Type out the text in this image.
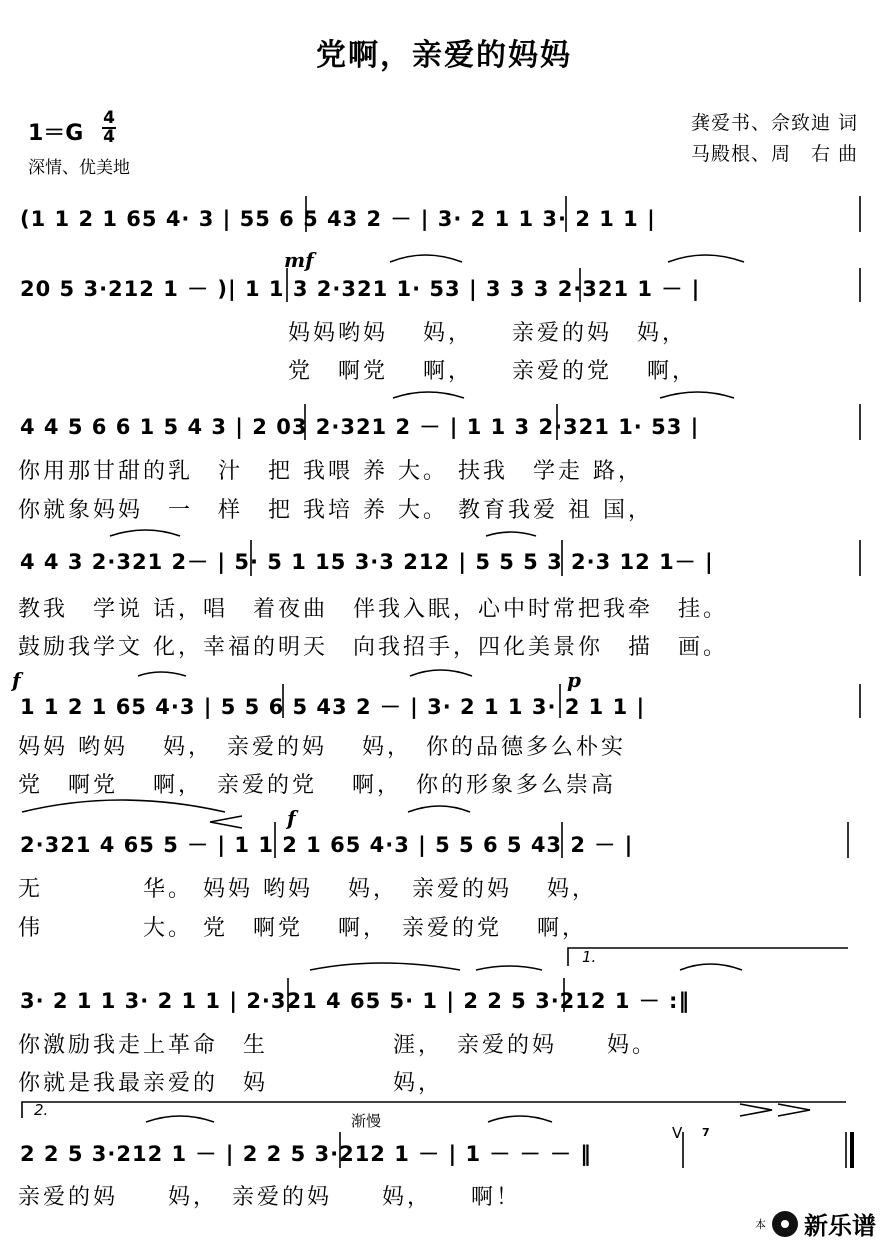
党啊，亲爱的妈妈
1＝G
4
4
深情、优美地
龚爱书、佘致迪 词
马殿根、周　右 曲
(1 1 2 1 65 4· 3 | 55 6 5 43 2 － | 3· 2 1 1 3· 2 1 1 |
20 5 3·212 1 － )| 1 1 3 2·321 1· 53 | 3 3 3 2·321 1 － |
4 4 5 6 6 1 5 4 3 | 2 03 2·321 2 － | 1 1 3 2·321 1· 53 |
4 4 3 2·321 2－ | 5· 5 1 15 3·3 212 | 5 5 5 3 2·3 12 1－ |
1 1 2 1 65 4·3 | 5 5 6 5 43 2 － | 3· 2 1 1 3· 2 1 1 |
2·321 4 65 5 － | 1 1 2 1 65 4·3 | 5 5 6 5 43 2 － |
3· 2 1 1 3· 2 1 1 | 2·321 4 65 5· 1 | 2 2 5 3·212 1 － :‖
2 2 5 3·212 1 － | 2 2 5 3·212 1 － | 1 － － － ‖
妈妈哟妈　 妈，　　亲爱的妈　妈，
党　啊党　 啊，　　亲爱的党　 啊，
你用那甘甜的乳　汁　把 我喂 养 大。 扶我　学走 路，
你就象妈妈　一　样　把 我培 养 大。 教育我爱 祖 国，
教我　学说 话，唱　着夜曲　伴我入眠，心中时常把我牵　挂。
鼓励我学文 化，幸福的明天　向我招手，四化美景你　描　画。
妈妈 哟妈　 妈，　亲爱的妈　 妈，　你的品德多么朴实
党　啊党　 啊，　亲爱的党　 啊，　你的形象多么崇高
无　　　　华。 妈妈 哟妈　 妈，　亲爱的妈　 妈，
伟　　　　大。 党　啊党　 啊，　亲爱的党　 啊，
你激励我走上革命　生　　　　　涯，　亲爱的妈　　妈。
你就是我最亲爱的　妈　　　　　妈，
亲爱的妈　　妈，　亲爱的妈　　妈，　　啊！
mf
f	p
f
1.
2.
渐慢
V 7
本 新乐谱
